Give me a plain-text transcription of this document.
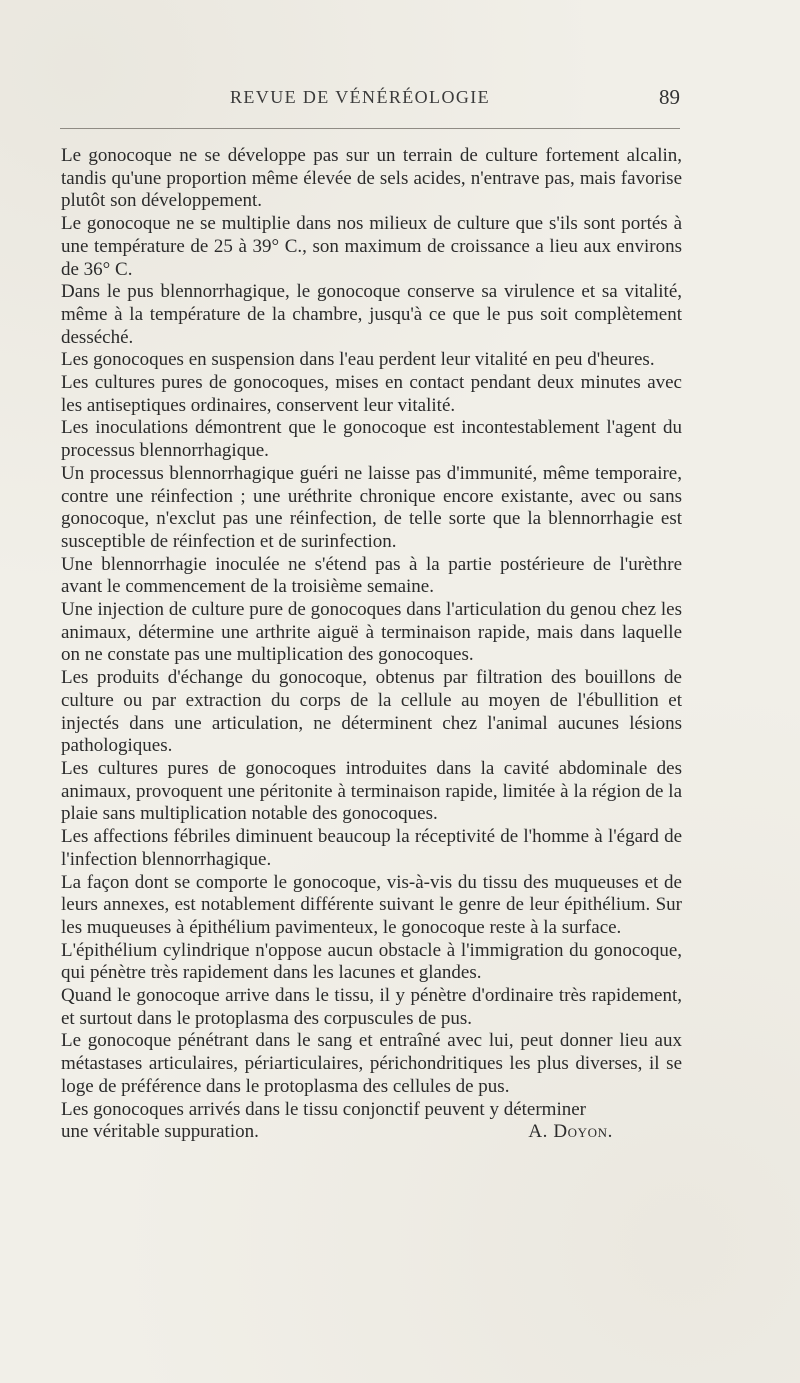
REVUE DE VÉNÉRÉOLOGIE	89

Le gonocoque ne se développe pas sur un terrain de culture fortement alcalin, tandis qu'une proportion même élevée de sels acides, n'entrave pas, mais favorise plutôt son développement.

Le gonocoque ne se multiplie dans nos milieux de culture que s'ils sont portés à une température de 25 à 39° C., son maximum de croissance a lieu aux environs de 36° C.

Dans le pus blennorrhagique, le gonocoque conserve sa virulence et sa vitalité, même à la température de la chambre, jusqu'à ce que le pus soit complètement desséché.

Les gonocoques en suspension dans l'eau perdent leur vitalité en peu d'heures.

Les cultures pures de gonocoques, mises en contact pendant deux minutes avec les antiseptiques ordinaires, conservent leur vitalité.

Les inoculations démontrent que le gonocoque est incontestablement l'agent du processus blennorrhagique.

Un processus blennorrhagique guéri ne laisse pas d'immunité, même temporaire, contre une réinfection ; une uréthrite chronique encore existante, avec ou sans gonocoque, n'exclut pas une réinfection, de telle sorte que la blennorrhagie est susceptible de réinfection et de surinfection.

Une blennorrhagie inoculée ne s'étend pas à la partie postérieure de l'urèthre avant le commencement de la troisième semaine.

Une injection de culture pure de gonocoques dans l'articulation du genou chez les animaux, détermine une arthrite aiguë à terminaison rapide, mais dans laquelle on ne constate pas une multiplication des gonocoques.

Les produits d'échange du gonocoque, obtenus par filtration des bouillons de culture ou par extraction du corps de la cellule au moyen de l'ébullition et injectés dans une articulation, ne déterminent chez l'animal aucunes lésions pathologiques.

Les cultures pures de gonocoques introduites dans la cavité abdominale des animaux, provoquent une péritonite à terminaison rapide, limitée à la région de la plaie sans multiplication notable des gonocoques.

Les affections fébriles diminuent beaucoup la réceptivité de l'homme à l'égard de l'infection blennorrhagique.

La façon dont se comporte le gonocoque, vis-à-vis du tissu des muqueuses et de leurs annexes, est notablement différente suivant le genre de leur épithélium. Sur les muqueuses à épithélium pavimenteux, le gonocoque reste à la surface.

L'épithélium cylindrique n'oppose aucun obstacle à l'immigration du gonocoque, qui pénètre très rapidement dans les lacunes et glandes.

Quand le gonocoque arrive dans le tissu, il y pénètre d'ordinaire très rapidement, et surtout dans le protoplasma des corpuscules de pus.

Le gonocoque pénétrant dans le sang et entraîné avec lui, peut donner lieu aux métastases articulaires, périarticulaires, périchondritiques les plus diverses, il se loge de préférence dans le protoplasma des cellules de pus.

Les gonocoques arrivés dans le tissu conjonctif peuvent y déterminer
une véritable suppuration.	A. Doyon.
